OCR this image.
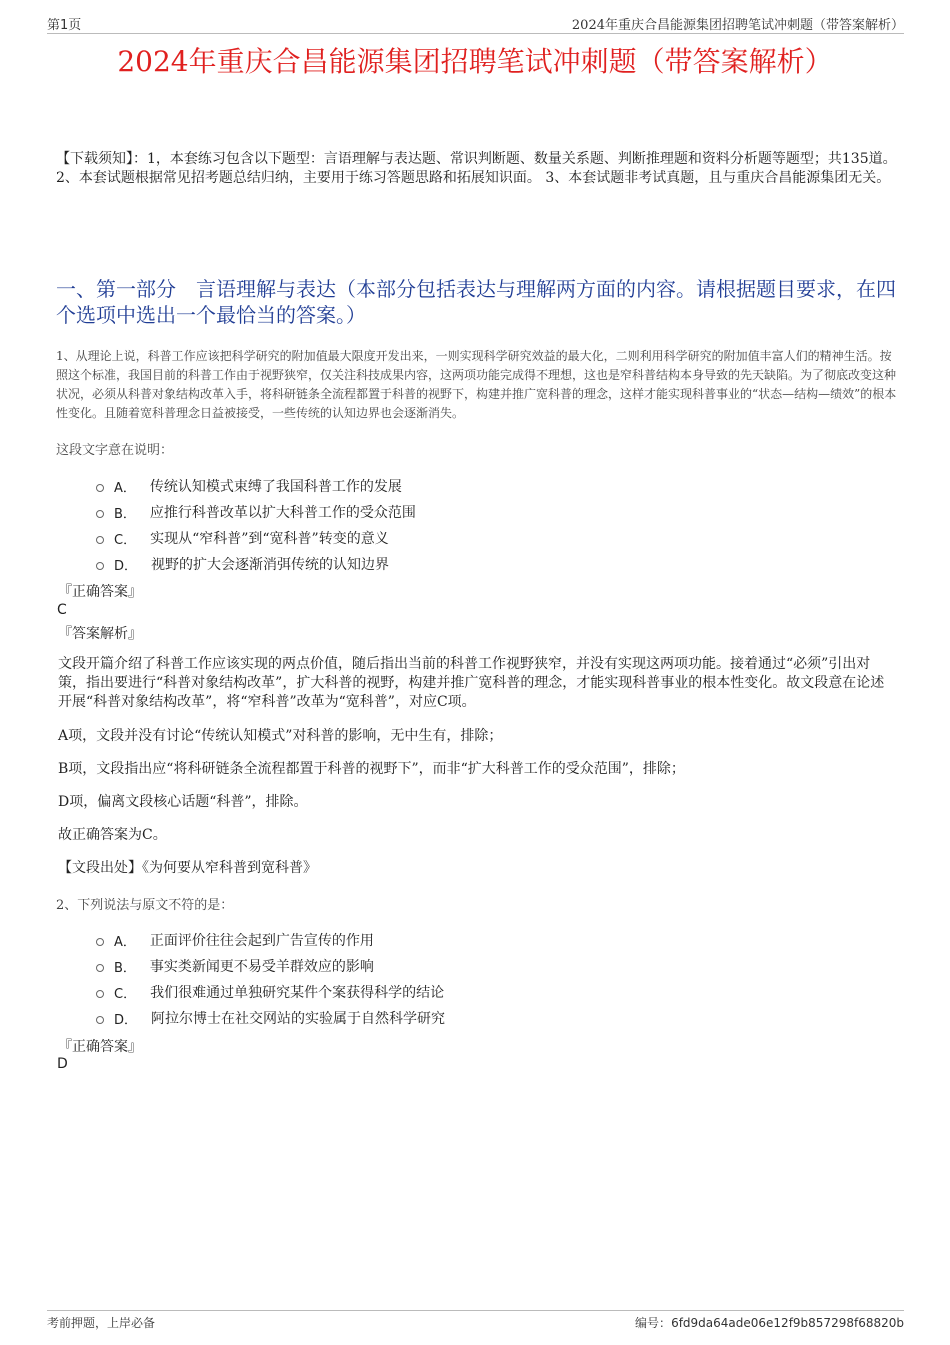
第1页	2024年重庆合昌能源集团招聘笔试冲刺题（带答案解析）
2024年重庆合昌能源集团招聘笔试冲刺题（带答案解析）
【下载须知】：1，本套练习包含以下题型：言语理解与表达题、常识判断题、数量关系题、判断推理题和资料分析题等题型；共135道。 2、本套试题根据常见招考题总结归纳，主要用于练习答题思路和拓展知识面。 3、本套试题非考试真题，且与重庆合昌能源集团无关。
一、第一部分　言语理解与表达（本部分包括表达与理解两方面的内容。请根据题目要求，在四个选项中选出一个最恰当的答案。）
1、从理论上说，科普工作应该把科学研究的附加值最大限度开发出来，一则实现科学研究效益的最大化，二则利用科学研究的附加值丰富人们的精神生活。按照这个标准，我国目前的科普工作由于视野狭窄，仅关注科技成果内容，这两项功能完成得不理想，这也是窄科普结构本身导致的先天缺陷。为了彻底改变这种状况，必须从科普对象结构改革入手，将科研链条全流程都置于科普的视野下，构建并推广宽科普的理念，这样才能实现科普事业的“状态—结构—绩效”的根本性变化。且随着宽科普理念日益被接受，一些传统的认知边界也会逐渐消失。
这段文字意在说明：
A． 传统认知模式束缚了我国科普工作的发展
B． 应推行科普改革以扩大科普工作的受众范围
C． 实现从“窄科普”到“宽科普”转变的意义
D． 视野的扩大会逐渐消弭传统的认知边界
『正确答案』
C
『答案解析』
文段开篇介绍了科普工作应该实现的两点价值，随后指出当前的科普工作视野狭窄，并没有实现这两项功能。接着通过“必须”引出对策，指出要进行“科普对象结构改革”，扩大科普的视野，构建并推广宽科普的理念，才能实现科普事业的根本性变化。故文段意在论述开展“科普对象结构改革”，将“窄科普”改革为“宽科普”，对应C项。
A项，文段并没有讨论“传统认知模式”对科普的影响，无中生有，排除；
B项，文段指出应“将科研链条全流程都置于科普的视野下”，而非“扩大科普工作的受众范围”，排除；
D项，偏离文段核心话题“科普”，排除。
故正确答案为C。
【文段出处】《为何要从窄科普到宽科普》
2、下列说法与原文不符的是：
A． 正面评价往往会起到广告宣传的作用
B． 事实类新闻更不易受羊群效应的影响
C． 我们很难通过单独研究某件个案获得科学的结论
D． 阿拉尔博士在社交网站的实验属于自然科学研究
『正确答案』
D
考前押题，上岸必备	编号：6fd9da64ade06e12f9b857298f68820b
